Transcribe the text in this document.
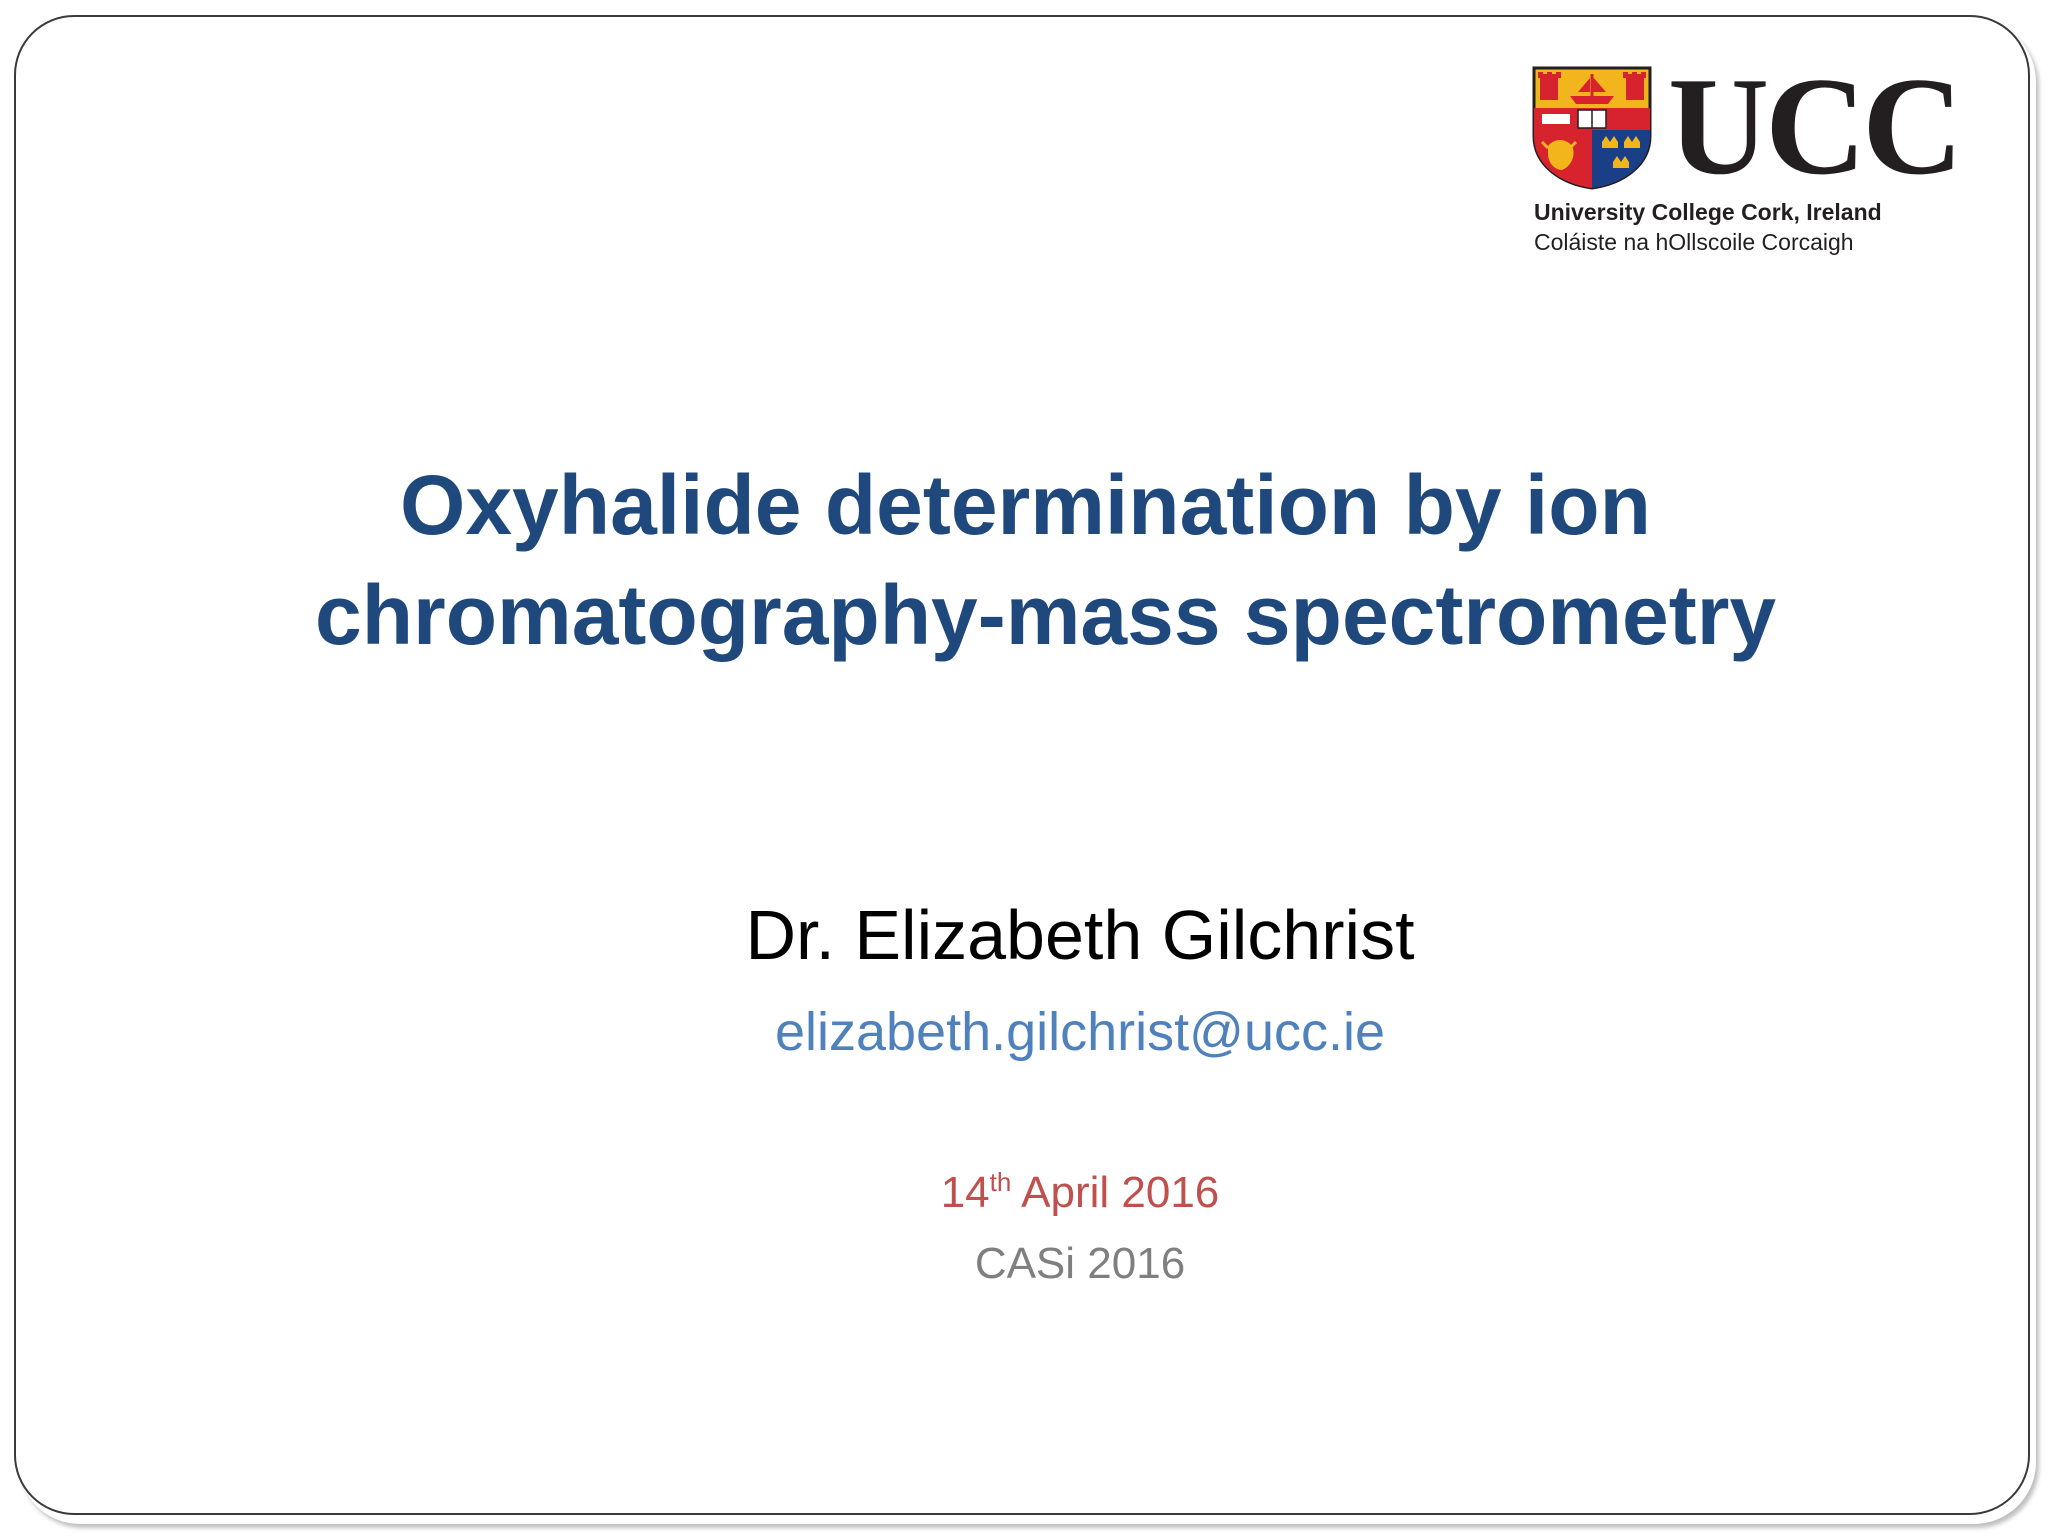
UCC
University College Cork, Ireland
Coláiste na hOllscoile Corcaigh
Oxyhalide determination by ion
chromatography-mass spectrometry
Dr. Elizabeth Gilchrist
elizabeth.gilchrist@ucc.ie
14th April 2016
CASi 2016
